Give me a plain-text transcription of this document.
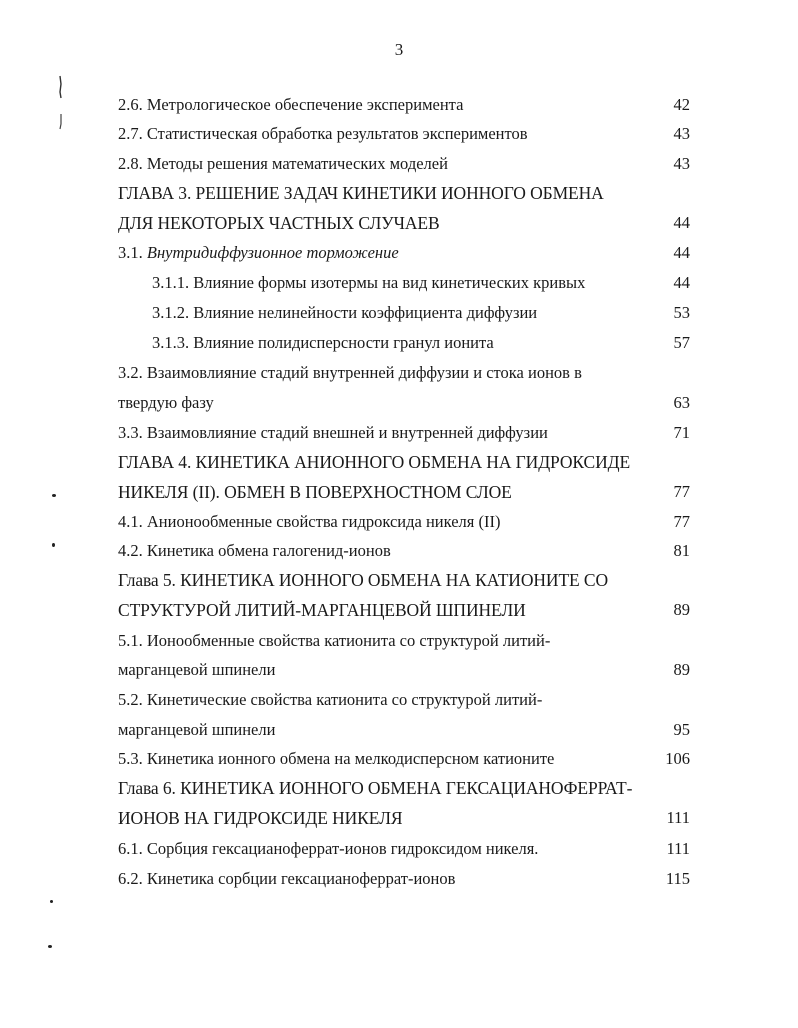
3
2.6. Метрологическое обеспечение эксперимента	42
2.7. Статистическая обработка результатов экспериментов	43
2.8. Методы решения математических моделей	43
ГЛАВА 3. РЕШЕНИЕ ЗАДАЧ КИНЕТИКИ ИОННОГО ОБМЕНА
ДЛЯ НЕКОТОРЫХ ЧАСТНЫХ СЛУЧАЕВ	44
3.1. Внутридиффузионное торможение	44
3.1.1. Влияние формы изотермы на вид кинетических кривых	44
3.1.2. Влияние нелинейности коэффициента диффузии	53
3.1.3. Влияние полидисперсности гранул ионита	57
3.2. Взаимовлияние стадий внутренней диффузии и стока ионов в
твердую фазу	63
3.3. Взаимовлияние стадий внешней и внутренней диффузии	71
ГЛАВА 4. КИНЕТИКА АНИОННОГО ОБМЕНА НА ГИДРОКСИДЕ
НИКЕЛЯ (II). ОБМЕН В ПОВЕРХНОСТНОМ СЛОЕ	77
4.1. Анионообменные свойства гидроксида никеля (II)	77
4.2. Кинетика обмена галогенид-ионов	81
Глава 5. КИНЕТИКА ИОННОГО ОБМЕНА НА КАТИОНИТЕ СО
СТРУКТУРОЙ ЛИТИЙ-МАРГАНЦЕВОЙ ШПИНЕЛИ	89
5.1. Ионообменные свойства катионита со структурой литий-
марганцевой шпинели	89
5.2. Кинетические свойства катионита со структурой литий-
марганцевой шпинели	95
5.3. Кинетика ионного обмена на мелкодисперсном катионите	106
Глава 6. КИНЕТИКА ИОННОГО ОБМЕНА ГЕКСАЦИАНОФЕРРАТ-
ИОНОВ НА ГИДРОКСИДЕ НИКЕЛЯ	111
6.1. Сорбция гексацианоферрат-ионов гидроксидом никеля.	111
6.2. Кинетика сорбции гексацианоферрат-ионов	115
